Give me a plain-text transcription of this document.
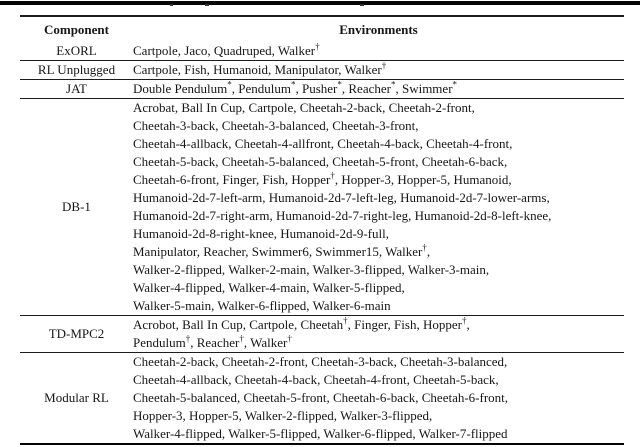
Component	Environments
ExORL	Cartpole, Jaco, Quadruped, Walker†
RL Unplugged	Cartpole, Fish, Humanoid, Manipulator, Walker†
JAT	Double Pendulum*, Pendulum*, Pusher*, Reacher*, Swimmer*
DB-1	Acrobat, Ball In Cup, Cartpole, Cheetah-2-back, Cheetah-2-front,
Cheetah-3-back, Cheetah-3-balanced, Cheetah-3-front,
Cheetah-4-allback, Cheetah-4-allfront, Cheetah-4-back, Cheetah-4-front,
Cheetah-5-back, Cheetah-5-balanced, Cheetah-5-front, Cheetah-6-back,
Cheetah-6-front, Finger, Fish, Hopper†, Hopper-3, Hopper-5, Humanoid,
Humanoid-2d-7-left-arm, Humanoid-2d-7-left-leg, Humanoid-2d-7-lower-arms,
Humanoid-2d-7-right-arm, Humanoid-2d-7-right-leg, Humanoid-2d-8-left-knee,
Humanoid-2d-8-right-knee, Humanoid-2d-9-full,
Manipulator, Reacher, Swimmer6, Swimmer15, Walker†,
Walker-2-flipped, Walker-2-main, Walker-3-flipped, Walker-3-main,
Walker-4-flipped, Walker-4-main, Walker-5-flipped,
Walker-5-main, Walker-6-flipped, Walker-6-main
TD-MPC2	Acrobot, Ball In Cup, Cartpole, Cheetah†, Finger, Fish, Hopper†,
Pendulum†, Reacher†, Walker†
Modular RL	Cheetah-2-back, Cheetah-2-front, Cheetah-3-back, Cheetah-3-balanced,
Cheetah-4-allback, Cheetah-4-back, Cheetah-4-front, Cheetah-5-back,
Cheetah-5-balanced, Cheetah-5-front, Cheetah-6-back, Cheetah-6-front,
Hopper-3, Hopper-5, Walker-2-flipped, Walker-3-flipped,
Walker-4-flipped, Walker-5-flipped, Walker-6-flipped, Walker-7-flipped
